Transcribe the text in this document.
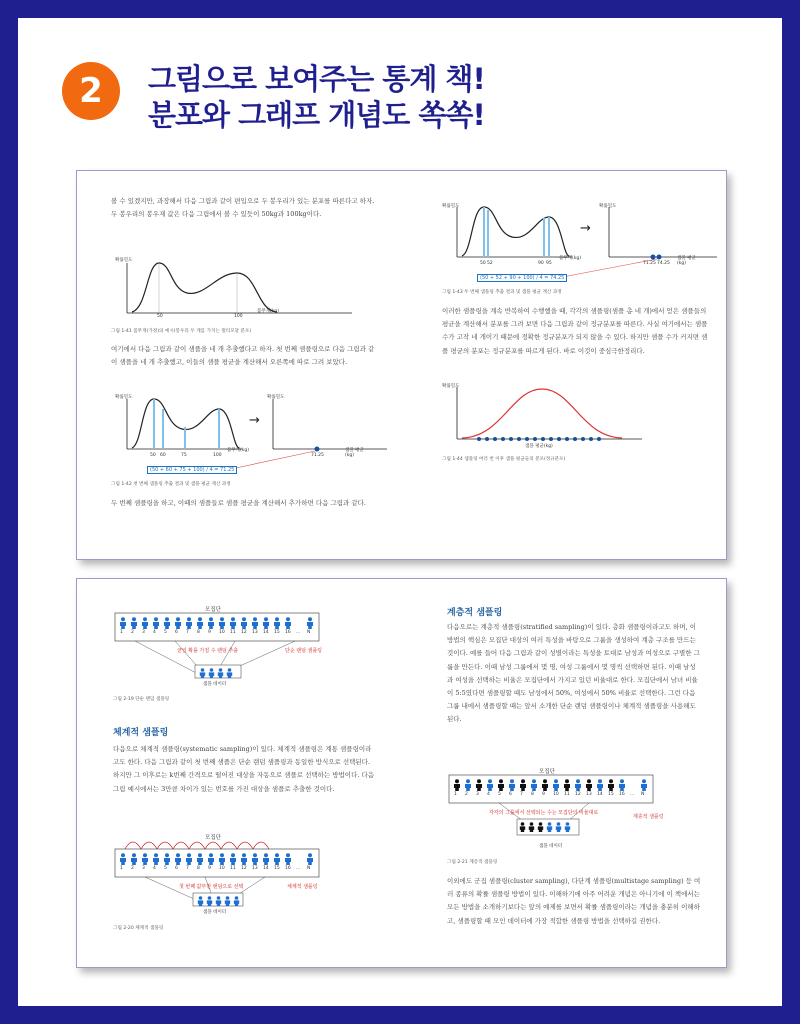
2	그림으로 보여주는 통계 책!
분포와 그래프 개념도 쏙쏙!

볼 수 있겠지만, 과장해서 다음 그림과 같이 편입으로 두 봉우리가 있는 분포를 따른다고 하자. 두 봉우리의 봉우재 값은 다음 그림에서 볼 수 있듯이 50kg과 100kg이다.

확률밀도
50	100
몸무게(kg)
그림 1-41 몸무게(가정)의 예시(봉우리 두 개를 가지는 멀티모달 분포)

여기에서 다음 그림과 같이 샘플을 네 개 추출했다고 하자. 첫 번째 샘플링으로 다음 그림과 같이 샘플을 네 개 추출했고, 이들의 샘플 평균을 계산해서 오른쪽에 따로 그려 보았다.

확률밀도	확률밀도
→
50 60	75	100
몸무게(kg)
71.25
샘플 평균
(kg)
(50 + 60 + 75 + 100) / 4 = 71.25
그림 1-42 첫 번째 샘플링 추출 결과 및 샘플 평균 계산 과정

두 번째 샘플링을 하고, 이때의 샘플들로 샘플 평균을 계산해서 추가하면 다음 그림과 같다.

확률밀도	확률밀도
→
50 52	90 95
몸무게(kg)
71.25 74.25
샘플 평균
(kg)
(50 + 52 + 90 + 100) / 4 = 74.25
그림 1-43 두 번째 샘플링 추출 결과 및 샘플 평균 계산 과정

이러한 샘플링을 계속 반복하여 수행했을 때, 각각의 샘플링(샘플 총 네 개)에서 얻은 샘플들의 평균을 계산해서 분포를 그려 보면 다음 그림과 같이 정규분포를 따른다. 사실 여기에서는 샘플 수가 고작 네 개이기 때문에 정확한 정규분포가 되지 않을 수 있다. 하지만 샘플 수가 커지면 샘플 평균의 분포는 정규분포를 따르게 된다. 바로 이것이 중심극한정리다.

확률밀도
샘플 평균(kg)
그림 1-44 샘플링 여러 번 이후 샘플 평균들의 분포(정규분포)
모집단
균일 확률 가질 수 랜덤 추출	단순 랜덤 샘플링
샘플 데이터
그림 2-19 단순 랜덤 샘플링
체계적 샘플링

다음으로 체계적 샘플링(systematic sampling)이 있다. 체계적 샘플링은 계통 샘플링이라고도 한다. 다음 그림과 같이 첫 번째 샘플은 단순 랜덤 샘플링과 동일한 방식으로 선택된다. 하지만 그 이후로는 k번째 간격으로 떨어진 대상을 자동으로 샘플로 선택하는 방법이다. 다음 그림 예시에서는 3만큼 차이가 있는 번호를 가진 대상을 샘플로 추출한 것이다.

모집단
첫 번째 값부만 랜덤으로 선택	체계적 샘플링
샘플 데이터
그림 2-20 체계적 샘플링
계층적 샘플링

다음으로는 계층적 샘플링(stratified sampling)이 있다. 층화 샘플링이라고도 하며, 이 방법의 핵심은 모집단 대상의 여러 특성을 바탕으로 그룹을 생성하여 계층 구조를 만드는 것이다. 예를 들어 다음 그림과 같이 성별이라는 특성을 토대로 남성과 여성으로 구별한 그룹을 만든다. 이때 남성 그룹에서 몇 명, 여성 그룹에서 몇 명씩 선택하면 된다. 이때 남성과 여성을 선택하는 비율은 모집단에서 가지고 있던 비율대로 한다. 모집단에서 남녀 비율이 5:5였다면 샘플링할 때도 남성에서 50%, 여성에서 50% 비율로 선택한다. 그런 다음 그룹 내에서 샘플링할 때는 앞서 소개한 단순 랜덤 샘플링이나 체계적 샘플링을 사용해도 된다.

모집단
각각의 그룹에서 선택되는 수는 모집단의 비율대로
계층적 샘플링
샘플 데이터
그림 2-21 계층적 샘플링

이외에도 군집 샘플링(cluster sampling), 다단계 샘플링(multistage sampling) 등 여러 종류의 확률 샘플링 방법이 있다. 이해하기에 아주 어려운 개념은 아니기에 이 책에서는 모든 방법을 소개하기보다는 앞의 예제를 보면서 확률 샘플링이라는 개념을 충분히 이해하고, 샘플링할 때 모인 데이터에 가장 적합한 샘플링 방법을 선택하길 권한다.

1 2 3 4 5 6 7 8 9 10 11 12 13 14 15 16 ... N
1 2 3 4 5 6 7 8 9 10 11 12 13 14 15 16 ... N
1 2 3 4 5 6 7 8 9 10 11 12 13 14 15 16 ... N
